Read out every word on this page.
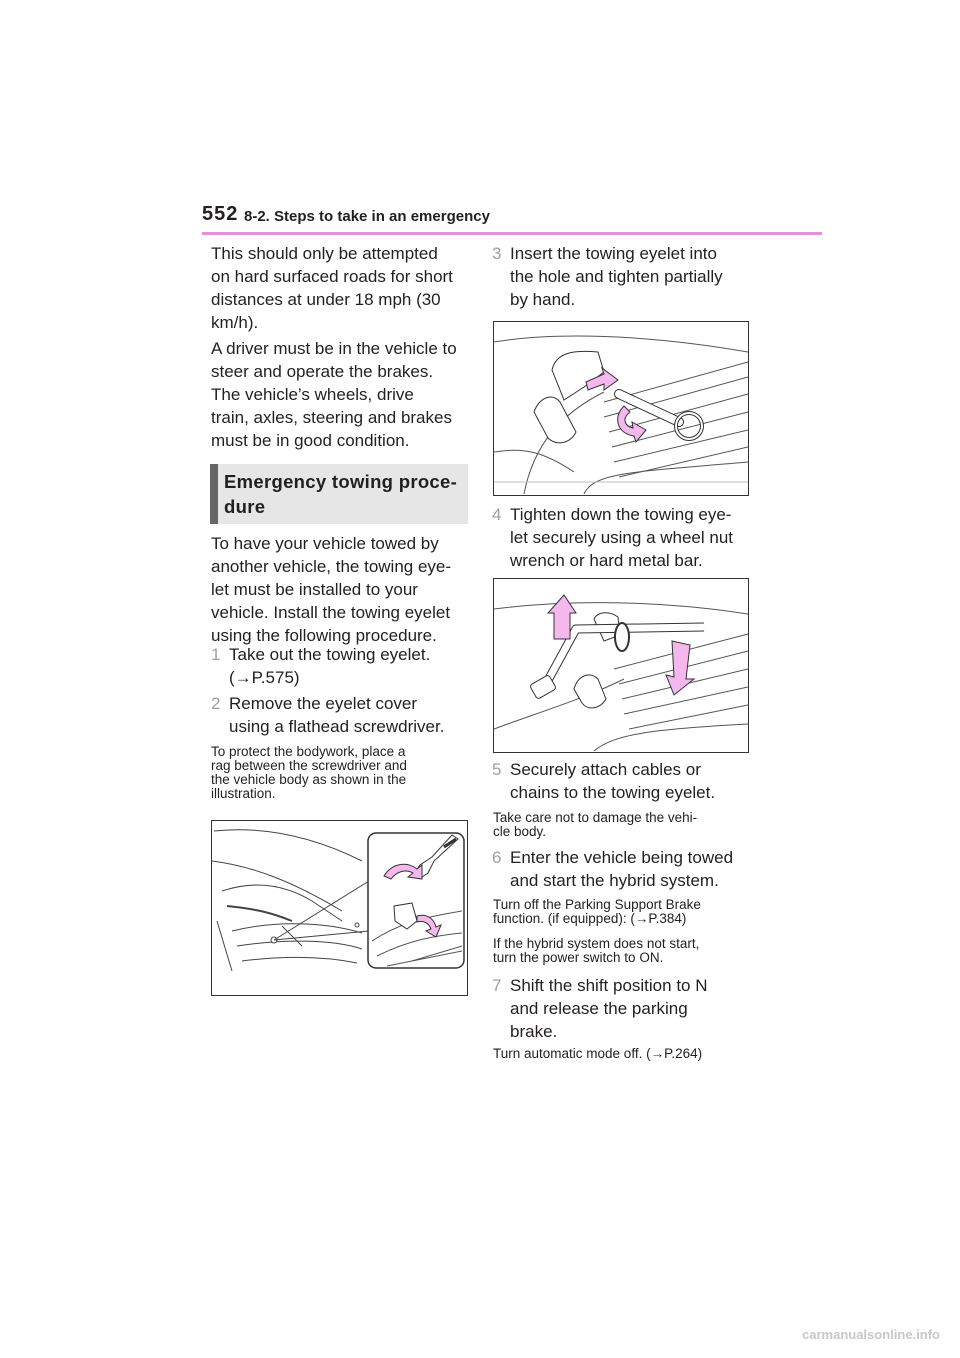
552 8-2. Steps to take in an emergency
This should only be attempted
on hard surfaced roads for short
distances at under 18 mph (30
km/h).
A driver must be in the vehicle to
steer and operate the brakes.
The vehicle’s wheels, drive
train, axles, steering and brakes
must be in good condition.
Emergency towing proce-
dure
To have your vehicle towed by
another vehicle, the towing eye-
let must be installed to your
vehicle. Install the towing eyelet
using the following procedure.
1 Take out the towing eyelet.
(→P.575)
2 Remove the eyelet cover
using a flathead screwdriver.
To protect the bodywork, place a
rag between the screwdriver and
the vehicle body as shown in the
illustration.
3 Insert the towing eyelet into
the hole and tighten partially
by hand.
4 Tighten down the towing eye-
let securely using a wheel nut
wrench or hard metal bar.
5 Securely attach cables or
chains to the towing eyelet.
Take care not to damage the vehi-
cle body.
6 Enter the vehicle being towed
and start the hybrid system.
Turn off the Parking Support Brake
function. (if equipped): (→P.384)
If the hybrid system does not start,
turn the power switch to ON.
7 Shift the shift position to N
and release the parking
brake.
Turn automatic mode off. (→P.264)
carmanualsonline.info
